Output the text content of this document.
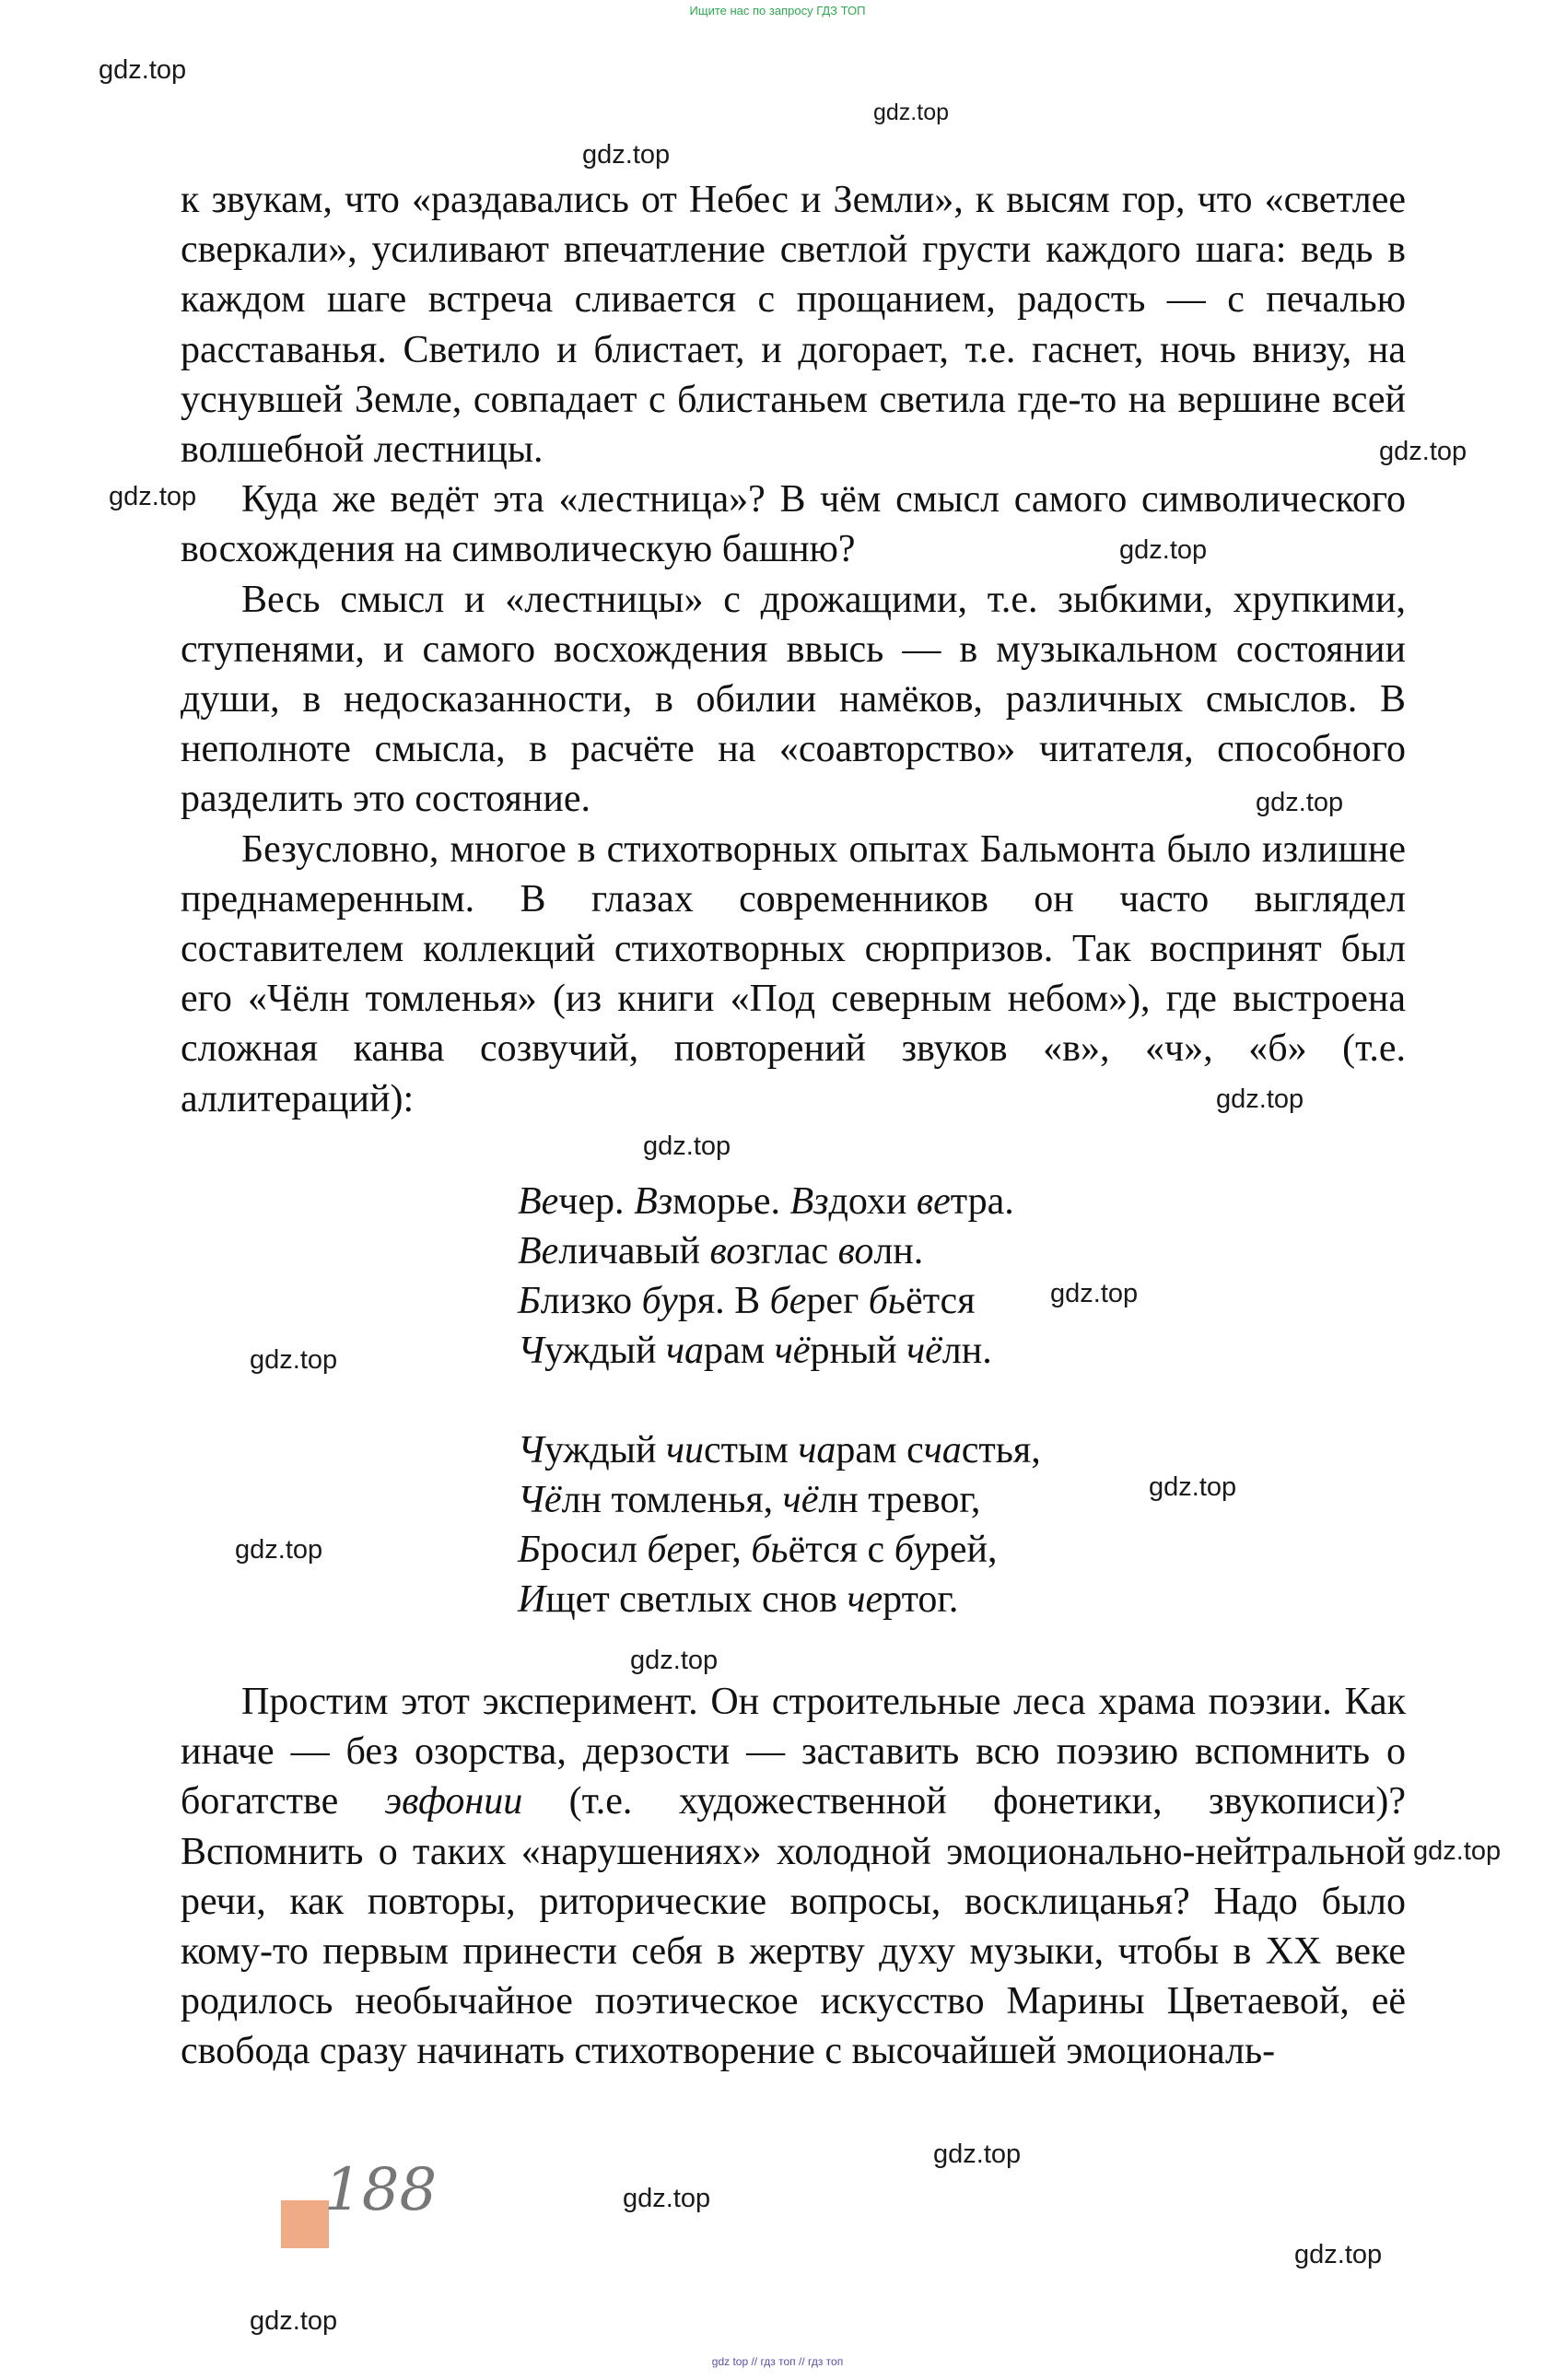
Ищите нас по запросу ГДЗ ТОП

к звукам, что «раздавались от Небес и Земли», к высям гор, что «светлее сверкали», усиливают впечатление светлой грусти каждого шага: ведь в каждом шаге встреча сливается с прощанием, радость — с печалью расставанья. Светило и блистает, и догорает, т.е. гаснет, ночь внизу, на уснувшей Земле, совпадает с блистаньем светила где-то на вершине всей волшебной лестницы.

Куда же ведёт эта «лестница»? В чём смысл самого символического восхождения на символическую башню?

Весь смысл и «лестницы» с дрожащими, т.е. зыбкими, хрупкими, ступенями, и самого восхождения ввысь — в музыкальном состоянии души, в недосказанности, в обилии намёков, различных смыслов. В неполноте смысла, в расчёте на «соавторство» читателя, способного разделить это состояние.

Безусловно, многое в стихотворных опытах Бальмонта было излишне преднамеренным. В глазах современников он часто выглядел составителем коллекций стихотворных сюрпризов. Так воспринят был его «Чёлн томленья» (из книги «Под северным небом»), где выстроена сложная канва созвучий, повторений звуков «в», «ч», «б» (т.е. аллитераций):

Вечер. Взморье. Вздохи ветра.
Величавый возглас волн.
Близко буря. В берег бьётся
Чуждый чарам чёрный чёлн.
Чуждый чистым чарам счастья,
Чёлн томленья, чёлн тревог,
Бросил берег, бьётся с бурей,
Ищет светлых снов чертог.

Простим этот эксперимент. Он строительные леса храма поэзии. Как иначе — без озорства, дерзости — заставить всю поэзию вспомнить о богатстве эвфонии (т.е. художественной фонетики, звукописи)? Вспомнить о таких «нарушениях» холодной эмоционально-нейтральной речи, как повторы, риторические вопросы, восклицанья? Надо было кому-то первым принести себя в жертву духу музыки, чтобы в XX веке родилось необычайное поэтическое искусство Марины Цветаевой, её свобода сразу начинать стихотворение с высочайшей эмоциональ-

188
gdz.top
gdz.top
gdz.top
gdz.top
gdz.top
gdz.top
gdz.top
gdz.top
gdz.top
gdz.top
gdz.top
gdz.top
gdz.top
gdz.top
gdz.top
gdz.top
gdz.top
gdz.top
gdz.top
gdz top // гдз топ // гдз топ
